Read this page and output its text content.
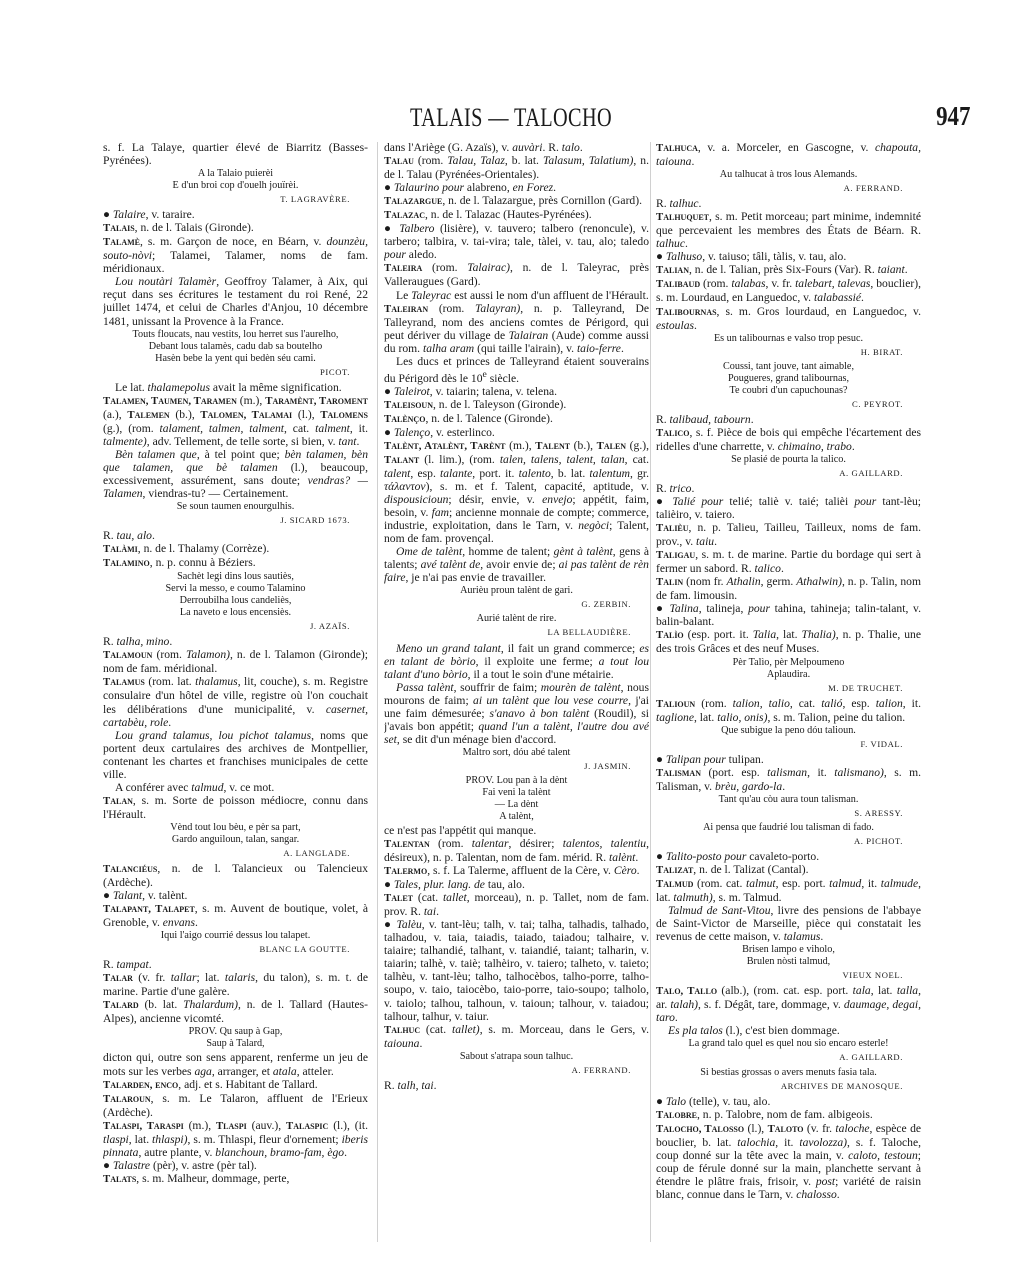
TALAIS — TALOCHO	947

s. f. La Talaye, quartier élevé de Biarritz (Basses-Pyrénées).

A la Talaio puierèi
E d'un broi cop d'ouelh jouïrèi.
T. LAGRAVÈRE.

● Talaire, v. taraire.

Talais, n. de l. Talais (Gironde).

Talamè, s. m. Garçon de noce, en Béarn, v. dounzèu, souto-nòvi; Talamei, Talamer, noms de fam. méridionaux.

Lou noutàri Talamèr, Geoffroy Talamer, à Aix, qui reçut dans ses écritures le testament du roi René, 22 juillet 1474, et celui de Charles d'Anjou, 10 décembre 1481, unissant la Provence à la France.

Touts floucats, nau vestits, lou herret sus l'aurelho,
Debant lous talamès, cadu dab sa boutelho
Hasèn bebe la yent qui bedèn séu cami.
PICOT.

Le lat. thalamepolus avait la même signification.

Talamen, Taumen, Taramen (m.), Taramènt, Taroment (a.), Talemen (b.), Talomen, Talamai (l.), Talomens (g.), (rom. talament, talmen, talment, cat. talment, it. talmente), adv. Tellement, de telle sorte, si bien, v. tant.

Bèn talamen que, à tel point que; bèn talamen, bèn que talamen, que bè talamen (l.), beaucoup, excessivement, assurément, sans doute; vendras? — Talamen, viendras-tu? — Certainement.

Se soun taumen enourgulhis.
J. SICARD 1673.

R. tau, alo.

Talàmi, n. de l. Thalamy (Corrèze).

Talamino, n. p. connu à Béziers.

Sachèt legi dins lous sautiès,
Servi la messo, e coumo Talamino
Derroubilha lous candeliès,
La naveto e lous encensiès.
J. AZAÏS.

R. talha, mino.

Talamoun (rom. Talamon), n. de l. Talamon (Gironde); nom de fam. méridional.

Talamus (rom. lat. thalamus, lit, couche), s. m. Registre consulaire d'un hôtel de ville, registre où l'on couchait les délibérations d'une municipalité, v. casernet, cartabèu, role.

Lou grand talamus, lou pichot talamus, noms que portent deux cartulaires des archives de Montpellier, contenant les chartes et franchises municipales de cette ville.

A conférer avec talmud, v. ce mot.

Talan, s. m. Sorte de poisson médiocre, connu dans l'Hérault.

Vènd tout lou bèu, e pèr sa part,
Gardo anguiloun, talan, sangar.
A. LANGLADE.

Talanciéus, n. de l. Talancieux ou Talencieux (Ardèche).

● Talant, v. talènt.

Talapant, Talapet, s. m. Auvent de boutique, volet, à Grenoble, v. envans.

Iqui l'aigo courrié dessus lou talapet.
BLANC LA GOUTTE.

R. tampat.

Talar (v. fr. tallar; lat. talaris, du talon), s. m. t. de marine. Partie d'une galère.

Talard (b. lat. Thalardum), n. de l. Tallard (Hautes-Alpes), ancienne vicomté.

PROV. Qu saup à Gap,
Saup à Talard,

dicton qui, outre son sens apparent, renferme un jeu de mots sur les verbes aga, arranger, et atala, atteler.

Talarden, enco, adj. et s. Habitant de Tallard.

Talaroun, s. m. Le Talaron, affluent de l'Erieux (Ardèche).

Talaspi, Taraspi (m.), Tlaspi (auv.), Talaspic (l.), (it. tlaspi, lat. thlaspi), s. m. Thlaspi, fleur d'ornement; iberis pinnata, autre plante, v. blanchoun, bramo-fam, ègo.

● Talastre (pèr), v. astre (pèr tal).

Talats, s. m. Malheur, dommage, perte,

dans l'Ariège (G. Azaïs), v. auvàri. R. talo.

Talau (rom. Talau, Talaz, b. lat. Talasum, Talatium), n. de l. Talau (Pyrénées-Orientales).

● Talaurino pour alabreno, en Forez.

Talazargue, n. de l. Talazargue, près Cornillon (Gard).

Talazac, n. de l. Talazac (Hautes-Pyrénées).

● Talbero (lisière), v. tauvero; talbero (renoncule), v. tarbero; talbira, v. tai-vira; tale, tàlei, v. tau, alo; taledo pour aledo.

Taleira (rom. Talairac), n. de l. Taleyrac, près Valleraugues (Gard).

Le Taleyrac est aussi le nom d'un affluent de l'Hérault.

Taleiran (rom. Talayran), n. p. Talleyrand, De Talleyrand, nom des anciens comtes de Périgord, qui peut dériver du village de Talairan (Aude) comme aussi du rom. talha aram (qui taille l'airain), v. taio-ferre.

Les ducs et princes de Talleyrand étaient souverains du Périgord dès le 10e siècle.

● Taleirot, v. taiarin; talena, v. telena.

Taleisoun, n. de l. Taleyson (Gironde).

Talènço, n. de l. Talence (Gironde).

● Talenço, v. esterlinco.

Talènt, Atalènt, Tarènt (m.), Talent (b.), Talen (g.), Talant (l. lim.), (rom. talen, talens, talent, talan, cat. talent, esp. talante, port. it. talento, b. lat. talentum, gr. τάλαντον), s. m. et f. Talent, capacité, aptitude, v. dispousicioun; désir, envie, v. envejo; appétit, faim, besoin, v. fam; ancienne monnaie de compte; commerce, industrie, exploitation, dans le Tarn, v. negòci; Talent, nom de fam. provençal.

Ome de talènt, homme de talent; gènt à talènt, gens à talents; avé talènt de, avoir envie de; ai pas talènt de rèn faire, je n'ai pas envie de travailler.

Aurièu proun talènt de gari.
G. ZERBIN.
Aurié talènt de rire.
LA BELLAUDIÈRE.

Meno un grand talant, il fait un grand commerce; es en talant de bòrio, il exploite une ferme; a tout lou talant d'uno bòrio, il a tout le soin d'une métairie.

Passa talènt, souffrir de faim; mourèn de talènt, nous mourons de faim; ai un talènt que lou vese courre, j'ai une faim démesurée; s'anavo à bon talènt (Roudil), si j'avais bon appétit; quand l'un a talènt, l'autre dou avé set, se dit d'un ménage bien d'accord.

Maltro sort, dóu abé talent
J. JASMIN.
PROV. Lou pan à la dènt
Fai veni la talènt
— La dènt
A talènt,

ce n'est pas l'appétit qui manque.

Talentan (rom. talentar, désirer; talentos, talentiu, désireux), n. p. Talentan, nom de fam. mérid. R. talènt.

Talermo, s. f. La Talerme, affluent de la Cère, v. Cèro.

● Tales, plur. lang. de tau, alo.

Talet (cat. tallet, morceau), n. p. Tallet, nom de fam. prov. R. tai.

● Talèu, v. tant-lèu; talh, v. tai; talha, talhadis, talhado, talhadou, v. taia, taiadis, taiado, taiadou; talhaire, v. taiaire; talhandié, talhant, v. taiandié, taiant; talharin, v. taiarin; talhè, v. taiè; talhèiro, v. taiero; talheto, v. taieto; talhèu, v. tant-lèu; talho, talhocèbos, talho-porre, talho-soupo, v. taio, taiocèbo, taio-porre, taio-soupo; talholo, v. taiolo; talhou, talhoun, v. taioun; talhour, v. taiadou; talhour, talhur, v. taiur.

Talhuc (cat. tallet), s. m. Morceau, dans le Gers, v. taiouna.

Sabout s'atrapa soun talhuc.
A. FERRAND.

R. talh, tai.

Talhuca, v. a. Morceler, en Gascogne, v. chapouta, taiouna.

Au talhucat à tros lous Alemands.
A. FERRAND.

R. talhuc.

Talhuquet, s. m. Petit morceau; part minime, indemnité que percevaient les membres des États de Béarn. R. talhuc.

● Talhuso, v. taiuso; tâli, tàlis, v. tau, alo.

Talian, n. de l. Talian, près Six-Fours (Var). R. taiant.

Talibaud (rom. talabas, v. fr. talebart, talevas, bouclier), s. m. Lourdaud, en Languedoc, v. talabassié.

Talibournas, s. m. Gros lourdaud, en Languedoc, v. estoulas.

Es un talibournas e valso trop pesuc.
H. BIRAT.
Coussi, tant jouve, tant aimable,
Pougueres, grand talibournas,
Te coubri d'un capuchounas?
C. PEYROT.

R. talibaud, tabourn.

Talico, s. f. Pièce de bois qui empêche l'écartement des ridelles d'une charrette, v. chimaino, trabo.

Se plasié de pourta la talico.
A. GAILLARD.

R. trico.

● Talié pour telié; taliè v. taié; talièi pour tant-lèu; talièiro, v. taiero.

Talièu, n. p. Talieu, Tailleu, Tailleux, noms de fam. prov., v. taiu.

Taligau, s. m. t. de marine. Partie du bordage qui sert à fermer un sabord. R. talico.

Talin (nom fr. Athalin, germ. Athalwin), n. p. Talin, nom de fam. limousin.

● Talina, talineja, pour tahina, tahineja; talin-talant, v. balin-balant.

Talìo (esp. port. it. Talia, lat. Thalia), n. p. Thalie, une des trois Grâces et des neuf Muses.

Pèr Talìo, pèr Melpoumeno
Aplaudira.
M. DE TRUCHET.

Talioun (rom. talion, talio, cat. talió, esp. talion, it. taglione, lat. talio, onis), s. m. Talion, peine du talion.

Que subigue la peno dóu talioun.
F. VIDAL.

● Talipan pour tulipan.

Talisman (port. esp. talisman, it. talismano), s. m. Talisman, v. brèu, gardo-la.

Tant qu'au còu aura toun talisman.
S. ARESSY.
Ai pensa que faudrié lou talisman di fado.
A. PICHOT.

● Talito-posto pour cavaleto-porto.

Talizat, n. de l. Talizat (Cantal).

Talmud (rom. cat. talmut, esp. port. talmud, it. talmude, lat. talmuth), s. m. Talmud.

Talmud de Sant-Vitou, livre des pensions de l'abbaye de Saint-Victor de Marseille, pièce qui constatait les revenus de cette maison, v. talamus.

Brisen lampo e viholo,
Brulen nòsti talmud,
VIEUX NOEL.

Talo, Tallo (alb.), (rom. cat. esp. port. tala, lat. talla, ar. talah), s. f. Dégât, tare, dommage, v. daumage, degai, taro.

Es pla talos (l.), c'est bien dommage.

La grand talo quel es quel nou sio encaro esterle!
A. GAILLARD.
Si bestias grossas o avers menuts fasia tala.
ARCHIVES DE MANOSQUE.

● Talo (telle), v. tau, alo.

Talobre, n. p. Talobre, nom de fam. albigeois.

Talocho, Talosso (l.), Taloto (v. fr. taloche, espèce de bouclier, b. lat. talochia, it. tavolozza), s. f. Taloche, coup donné sur la tête avec la main, v. caloto, testoun; coup de férule donné sur la main, planchette servant à étendre le plâtre frais, frisoir, v. post; variété de raisin blanc, connue dans le Tarn, v. chalosso.
